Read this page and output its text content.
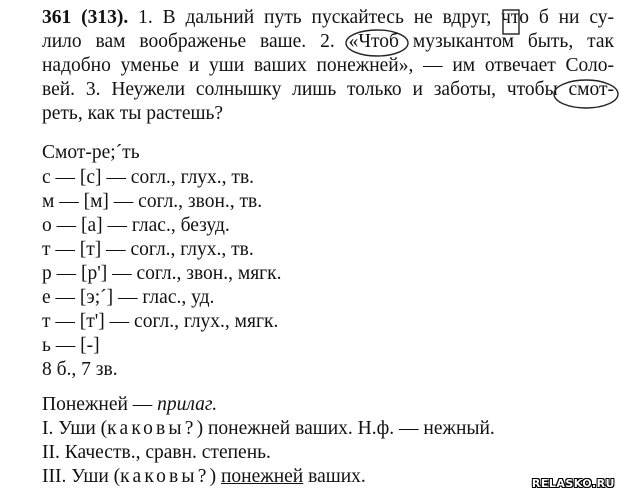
361 (313). 1. В дальний путь пускайтесь не вдруг, что б ни су-
лило вам воображенье ваше. 2. «Чтоб музыкантом быть, так
надобно уменье и уши ваших понежней», — им отвечает Соло-
вей. 3. Неужели солнышку лишь только и заботы, чтобы смот-
реть, как ты растешь?
Смот-ре;´ть
с — [с] — согл., глух., тв.
м — [м] — согл., звон., тв.
о — [а] — глас., безуд.
т — [т] — согл., глух., тв.
р — [р'] — согл., звон., мягк.
е — [э;´] — глас., уд.
т — [т'] — согл., глух., мягк.
ь — [-]
8 б., 7 зв.
Понежней — прилаг.
I. Уши (каковы?) понежней ваших. Н.ф. — нежный.
II. Качеств., сравн. степень.
III. Уши (каковы?) понежней ваших.	RELASKO.RU
